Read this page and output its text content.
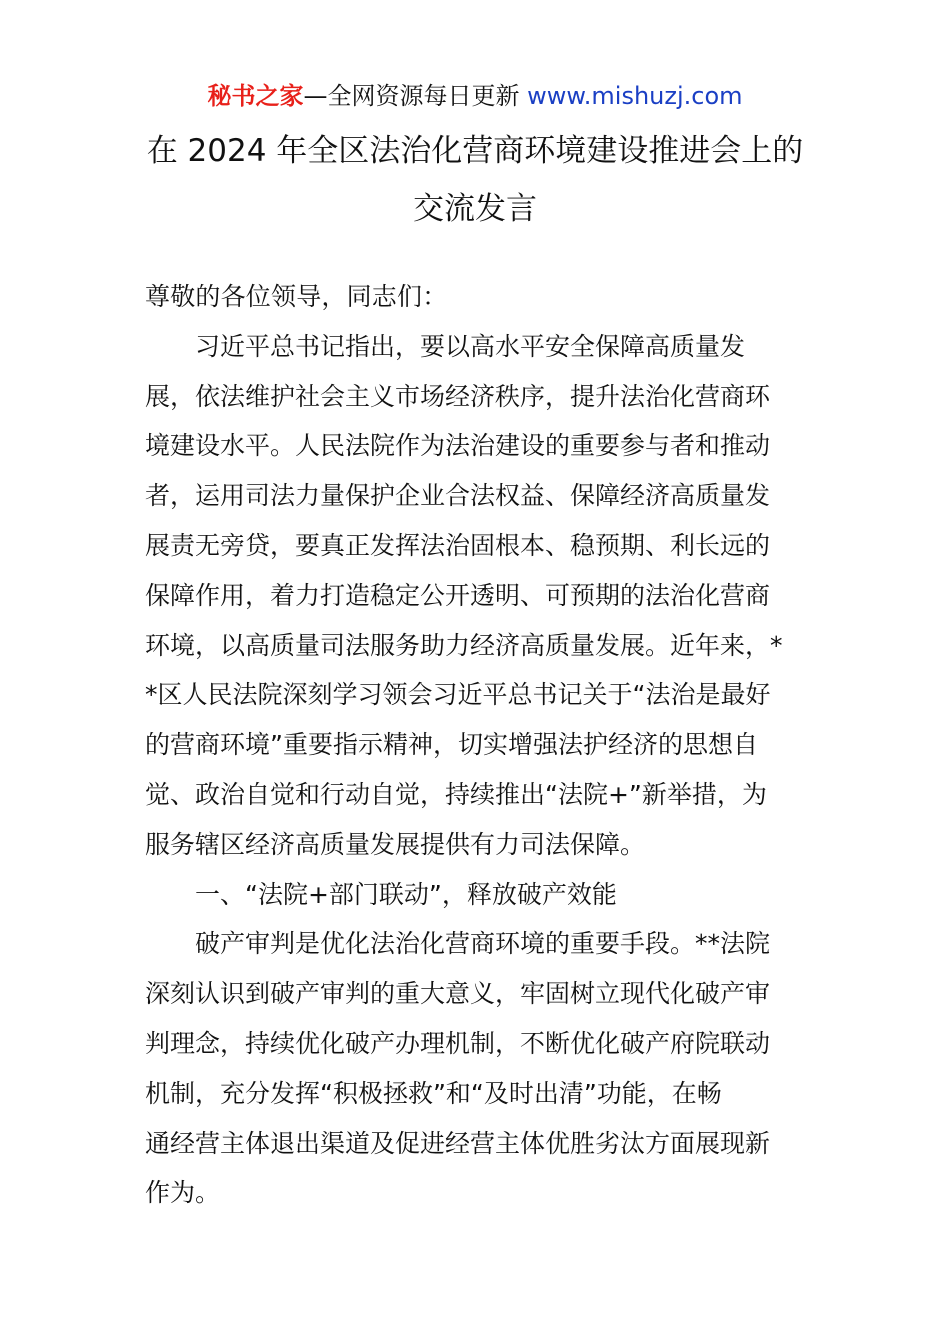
秘书之家—全网资源每日更新 www.mishuzj.com
在 2024 年全区法治化营商环境建设推进会上的
交流发言
尊敬的各位领导，同志们：
习近平总书记指出，要以高水平安全保障高质量发
展，依法维护社会主义市场经济秩序，提升法治化营商环
境建设水平。人民法院作为法治建设的重要参与者和推动
者，运用司法力量保护企业合法权益、保障经济高质量发
展责无旁贷，要真正发挥法治固根本、稳预期、利长远的
保障作用，着力打造稳定公开透明、可预期的法治化营商
环境，以高质量司法服务助力经济高质量发展。近年来，*
*区人民法院深刻学习领会习近平总书记关于“法治是最好
的营商环境”重要指示精神，切实增强法护经济的思想自
觉、政治自觉和行动自觉，持续推出“法院+”新举措，为
服务辖区经济高质量发展提供有力司法保障。
一、“法院+部门联动”，释放破产效能
破产审判是优化法治化营商环境的重要手段。**法院
深刻认识到破产审判的重大意义，牢固树立现代化破产审
判理念，持续优化破产办理机制，不断优化破产府院联动
机制，充分发挥“积极拯救”和“及时出清”功能，在畅
通经营主体退出渠道及促进经营主体优胜劣汰方面展现新
作为。
